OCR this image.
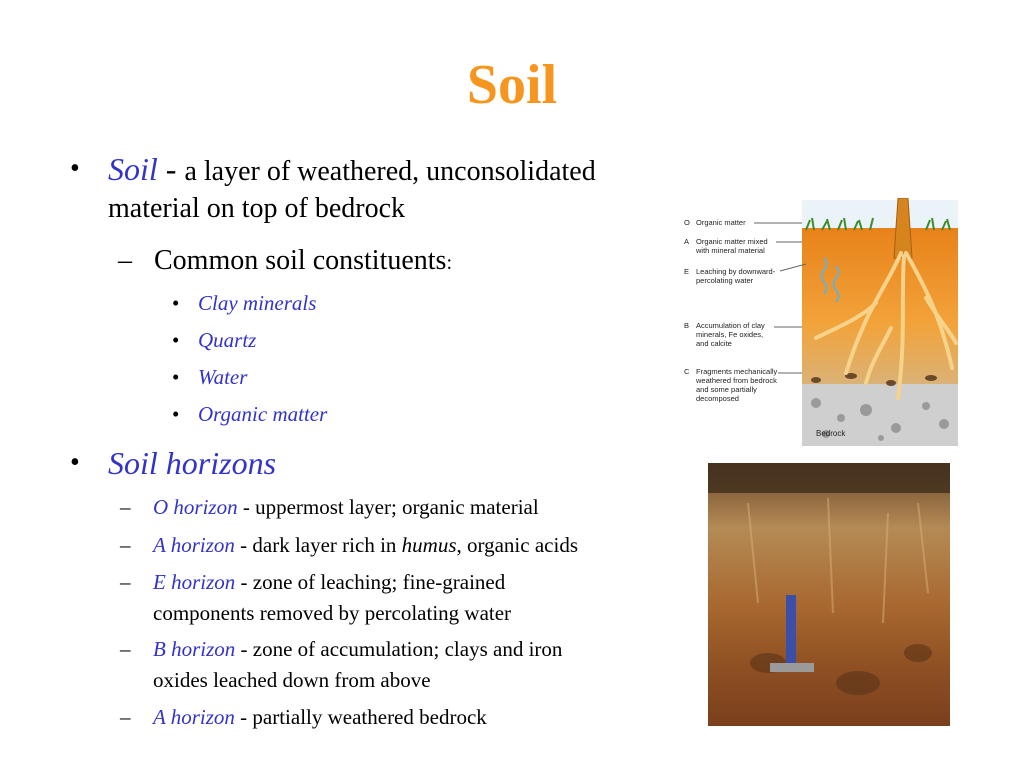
Soil
• Soil - a layer of weathered, unconsolidated
material on top of bedrock
– Common soil constituents:
• Clay minerals
• Quartz
• Water
• Organic matter
• Soil horizons
– O horizon - uppermost layer; organic material
– A horizon - dark layer rich in humus, organic acids
– E horizon - zone of leaching; fine-grained
components removed by percolating water
– B horizon - zone of accumulation; clays and iron
oxides leached down from above
– A horizon - partially weathered bedrock
O Organic matter
A Organic matter mixed
with mineral material
E Leaching by downward-
percolating water
B Accumulation of clay
minerals, Fe oxides,
and calcite
C Fragments mechanically
weathered from bedrock
and some partially
decomposed
Bedrock
